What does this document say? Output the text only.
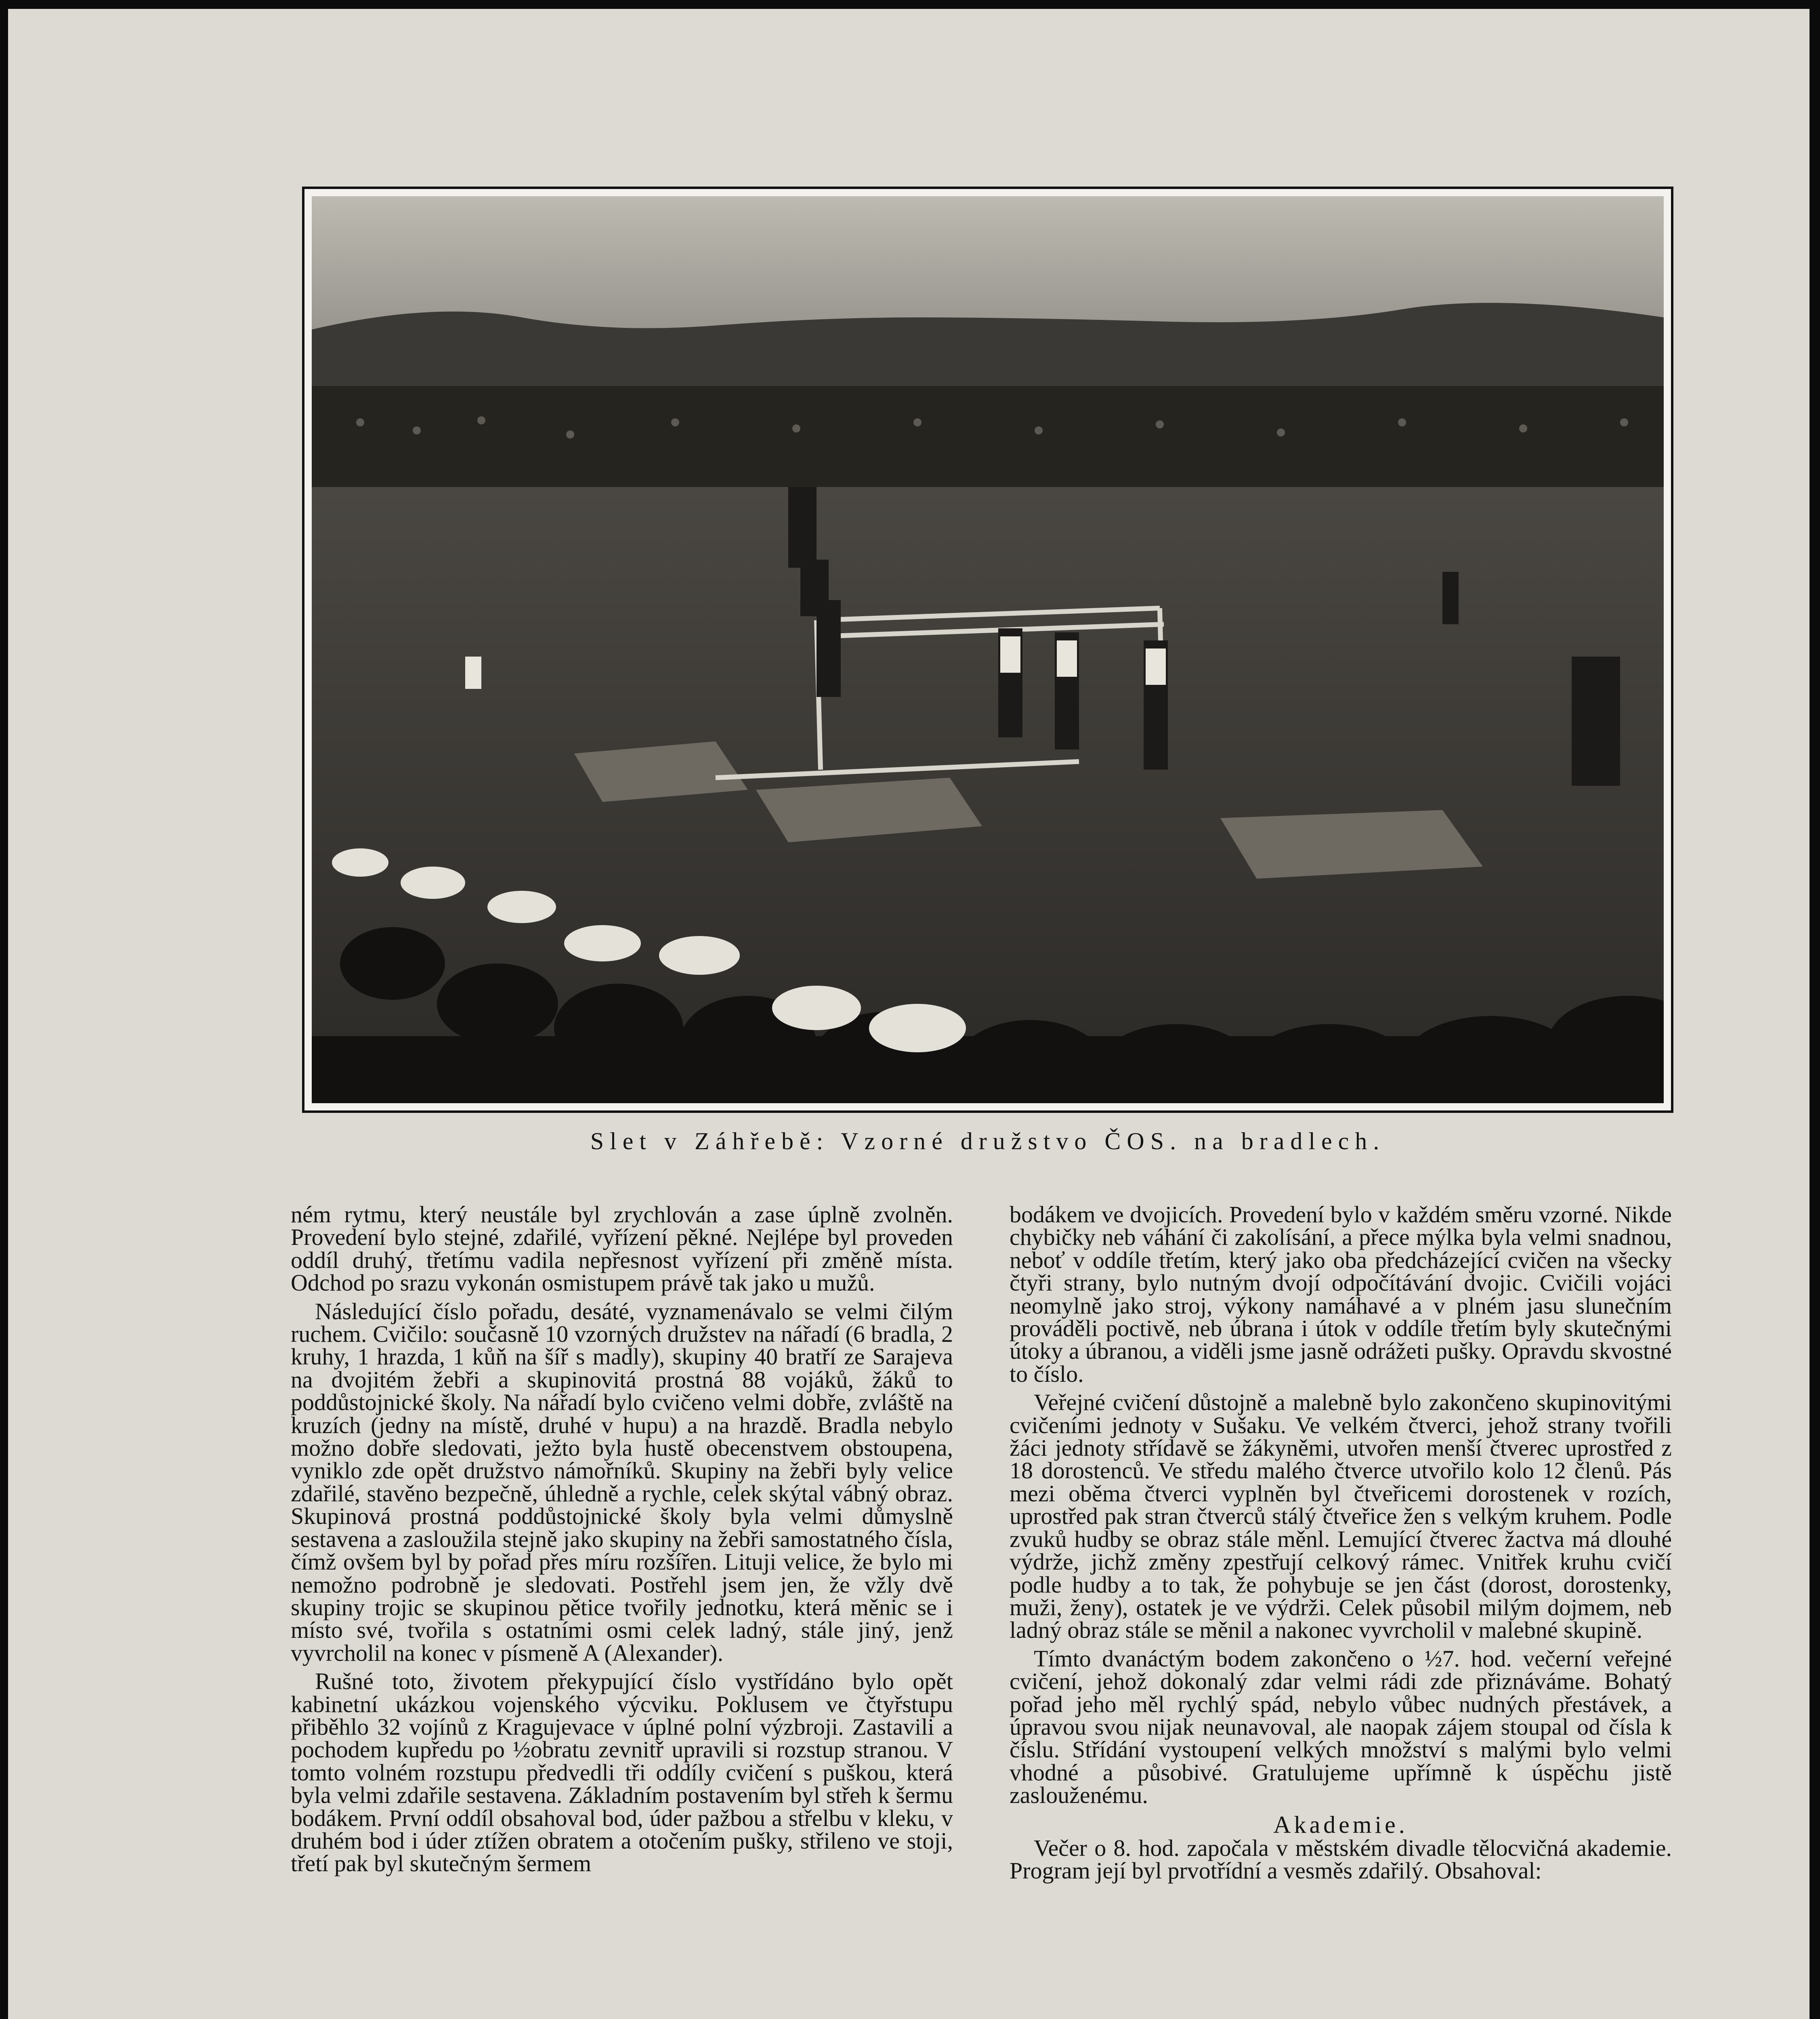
Slet v Záhřebě: Vzorné družstvo ČOS. na bradlech.

ném rytmu, který neustále byl zrychlován a zase úplně zvolněn. Provedení bylo stejné, zdařilé, vyřízení pěkné. Nejlépe byl proveden oddíl druhý, třetímu vadila nepřesnost vyřízení při změně místa. Odchod po srazu vykonán osmistupem právě tak jako u mužů.

Následující číslo pořadu, desáté, vyznamenávalo se velmi čilým ruchem. Cvičilo: současně 10 vzorných družstev na nářadí (6 bradla, 2 kruhy, 1 hrazda, 1 kůň na šíř s madly), skupiny 40 bratří ze Sarajeva na dvojitém žebři a skupinovitá prostná 88 vojáků, žáků to poddůstojnické školy. Na nářadí bylo cvičeno velmi dobře, zvláště na kruzích (jedny na místě, druhé v hupu) a na hrazdě. Bradla nebylo možno dobře sledovati, ježto byla hustě obecenstvem obstoupena, vyniklo zde opět družstvo námořníků. Skupiny na žebři byly velice zdařilé, stavěno bezpečně, úhledně a rychle, celek skýtal vábný obraz. Skupinová prostná poddůstojnické školy byla velmi důmyslně sestavena a zasloužila stejně jako skupiny na žebři samostatného čísla, čímž ovšem byl by pořad přes míru rozšířen. Lituji velice, že bylo mi nemožno podrobně je sledovati. Postřehl jsem jen, že vžly dvě skupiny trojic se skupinou pětice tvořily jednotku, která měnic se i místo své, tvořila s ostatními osmi celek ladný, stále jiný, jenž vyvrcholil na konec v písmeně A (Alexander).

Rušné toto, životem překypující číslo vystřídáno bylo opět kabinetní ukázkou vojenského výcviku. Poklusem ve čtyřstupu přiběhlo 32 vojínů z Kragujevace v úplné polní výzbroji. Zastavili a pochodem kupředu po ½obratu zevnitř upravili si rozstup stranou. V tomto volném rozstupu předvedli tři oddíly cvičení s puškou, která byla velmi zdařile sestavena. Základním postavením byl střeh k šermu bodákem. První oddíl obsahoval bod, úder pažbou a střelbu v kleku, v druhém bod i úder ztížen obratem a otočením pušky, střileno ve stoji, třetí pak byl skutečným šermem

bodákem ve dvojicích. Provedení bylo v každém směru vzorné. Nikde chybičky neb váhání či zakolísání, a přece mýlka byla velmi snadnou, neboť v oddíle třetím, který jako oba předcházející cvičen na všecky čtyři strany, bylo nutným dvojí odpočítávání dvojic. Cvičili vojáci neomylně jako stroj, výkony namáhavé a v plném jasu slunečním prováděli poctivě, neb úbrana i útok v oddíle třetím byly skutečnými útoky a úbranou, a viděli jsme jasně odrážeti pušky. Opravdu skvostné to číslo.

Veřejné cvičení důstojně a malebně bylo zakončeno skupinovitými cvičeními jednoty v Sušaku. Ve velkém čtverci, jehož strany tvořili žáci jednoty střídavě se žákyněmi, utvořen menší čtverec uprostřed z 18 dorostenců. Ve středu malého čtverce utvořilo kolo 12 členů. Pás mezi oběma čtverci vyplněn byl čtveřicemi dorostenek v rozích, uprostřed pak stran čtverců stálý čtveřice žen s velkým kruhem. Podle zvuků hudby se obraz stále měnl. Lemující čtverec žactva má dlouhé výdrže, jichž změny zpestřují celkový rámec. Vnitřek kruhu cvičí podle hudby a to tak, že pohybuje se jen část (dorost, dorostenky, muži, ženy), ostatek je ve výdrži. Celek působil milým dojmem, neb ladný obraz stále se měnil a nakonec vyvrcholil v malebné skupině.

Tímto dvanáctým bodem zakončeno o ½7. hod. večerní veřejné cvičení, jehož dokonalý zdar velmi rádi zde přiznáváme. Bohatý pořad jeho měl rychlý spád, nebylo vůbec nudných přestávek, a úpravou svou nijak neunavoval, ale naopak zájem stoupal od čísla k číslu. Střídání vystoupení velkých množství s malými bylo velmi vhodné a působivé. Gratulujeme upřímně k úspěchu jistě zaslouženému.

Akademie.

Večer o 8. hod. započala v městském divadle tělocvičná akademie. Program její byl prvotřídní a vesměs zdařilý. Obsahoval:
